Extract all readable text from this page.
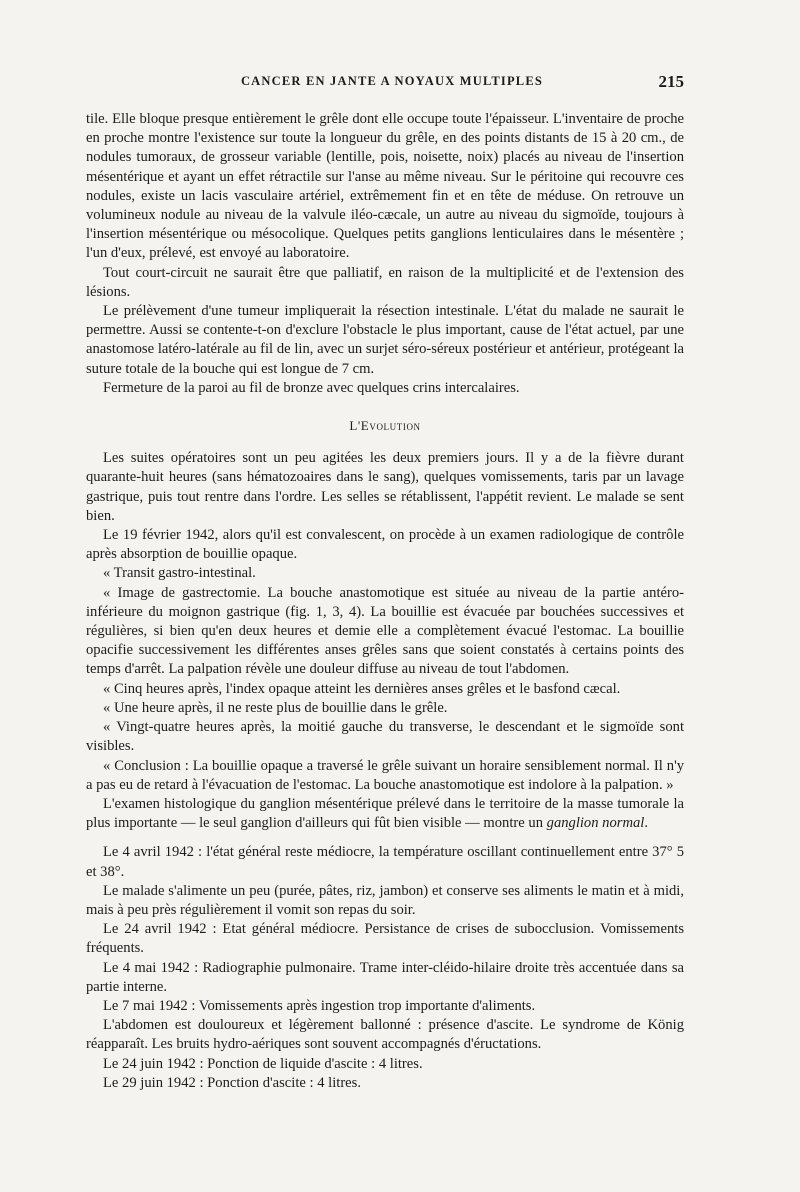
CANCER EN JANTE A NOYAUX MULTIPLES	215

tile. Elle bloque presque entièrement le grêle dont elle occupe toute l'épaisseur. L'inventaire de proche en proche montre l'existence sur toute la longueur du grêle, en des points distants de 15 à 20 cm., de nodules tumoraux, de grosseur variable (lentille, pois, noisette, noix) placés au niveau de l'insertion mésentérique et ayant un effet rétractile sur l'anse au même niveau. Sur le péritoine qui recouvre ces nodules, existe un lacis vasculaire artériel, extrêmement fin et en tête de méduse. On retrouve un volumineux nodule au niveau de la valvule iléo-cæcale, un autre au niveau du sigmoïde, toujours à l'insertion mésentérique ou mésocolique. Quelques petits ganglions lenticulaires dans le mésentère ; l'un d'eux, prélevé, est envoyé au laboratoire.

Tout court-circuit ne saurait être que palliatif, en raison de la multiplicité et de l'extension des lésions.

Le prélèvement d'une tumeur impliquerait la résection intestinale. L'état du malade ne saurait le permettre. Aussi se contente-t-on d'exclure l'obstacle le plus important, cause de l'état actuel, par une anastomose latéro-latérale au fil de lin, avec un surjet séro-séreux postérieur et antérieur, protégeant la suture totale de la bouche qui est longue de 7 cm.

Fermeture de la paroi au fil de bronze avec quelques crins intercalaires.

L'Evolution

Les suites opératoires sont un peu agitées les deux premiers jours. Il y a de la fièvre durant quarante-huit heures (sans hématozoaires dans le sang), quelques vomissements, taris par un lavage gastrique, puis tout rentre dans l'ordre. Les selles se rétablissent, l'appétit revient. Le malade se sent bien.

Le 19 février 1942, alors qu'il est convalescent, on procède à un examen radiologique de contrôle après absorption de bouillie opaque.

« Transit gastro-intestinal.

« Image de gastrectomie. La bouche anastomotique est située au niveau de la partie antéro-inférieure du moignon gastrique (fig. 1, 3, 4). La bouillie est évacuée par bouchées successives et régulières, si bien qu'en deux heures et demie elle a complètement évacué l'estomac. La bouillie opacifie successivement les différentes anses grêles sans que soient constatés à certains points des temps d'arrêt. La palpation révèle une douleur diffuse au niveau de tout l'abdomen.

« Cinq heures après, l'index opaque atteint les dernières anses grêles et le basfond cæcal.

« Une heure après, il ne reste plus de bouillie dans le grêle.

« Vingt-quatre heures après, la moitié gauche du transverse, le descendant et le sigmoïde sont visibles.

« Conclusion : La bouillie opaque a traversé le grêle suivant un horaire sensiblement normal. Il n'y a pas eu de retard à l'évacuation de l'estomac. La bouche anastomotique est indolore à la palpation. »

L'examen histologique du ganglion mésentérique prélevé dans le territoire de la masse tumorale la plus importante — le seul ganglion d'ailleurs qui fût bien visible — montre un ganglion normal.

Le 4 avril 1942 : l'état général reste médiocre, la température oscillant continuellement entre 37° 5 et 38°.

Le malade s'alimente un peu (purée, pâtes, riz, jambon) et conserve ses aliments le matin et à midi, mais à peu près régulièrement il vomit son repas du soir.

Le 24 avril 1942 : Etat général médiocre. Persistance de crises de subocclusion. Vomissements fréquents.

Le 4 mai 1942 : Radiographie pulmonaire. Trame inter-cléido-hilaire droite très accentuée dans sa partie interne.

Le 7 mai 1942 : Vomissements après ingestion trop importante d'aliments.

L'abdomen est douloureux et légèrement ballonné : présence d'ascite. Le syndrome de König réapparaît. Les bruits hydro-aériques sont souvent accompagnés d'éructations.

Le 24 juin 1942 : Ponction de liquide d'ascite : 4 litres.

Le 29 juin 1942 : Ponction d'ascite : 4 litres.
